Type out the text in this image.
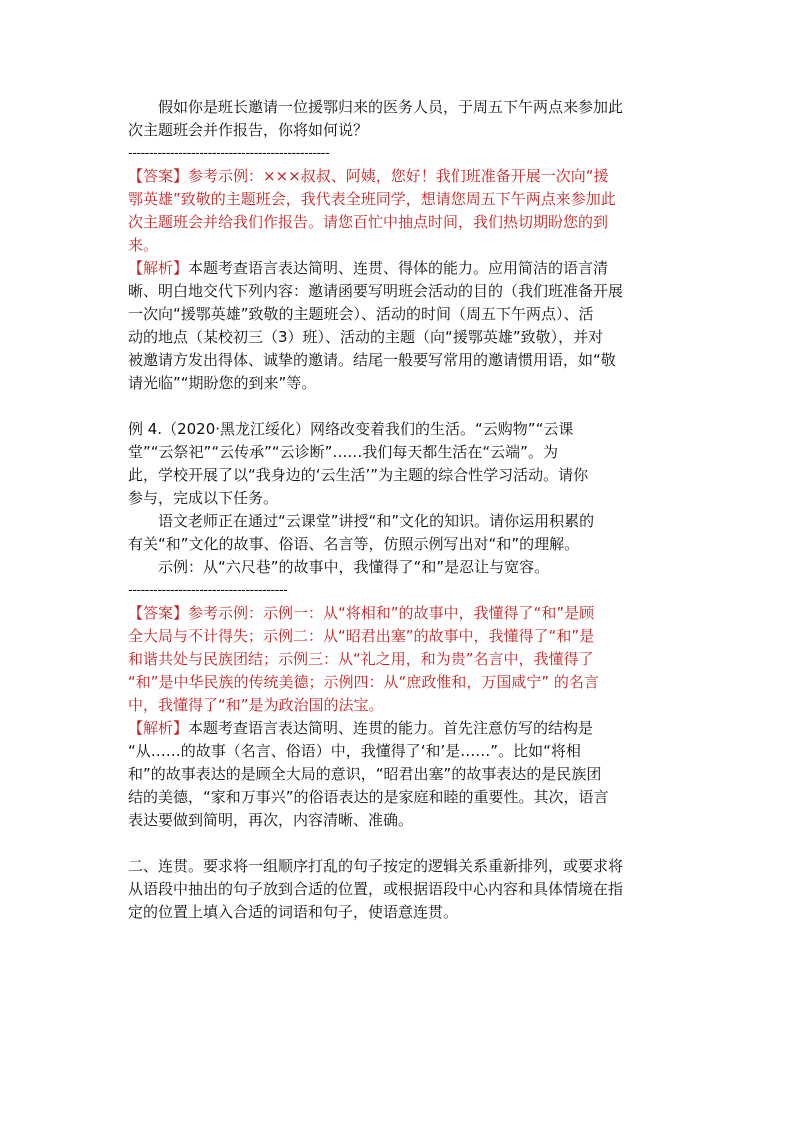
假如你是班长邀请一位援鄂归来的医务人员，于周五下午两点来参加此
次主题班会并作报告，你将如何说？
------------------------------------------------
【答案】参考示例：×××叔叔、阿姨，您好！我们班准备开展一次向“援
鄂英雄”致敬的主题班会，我代表全班同学，想请您周五下午两点来参加此
次主题班会并给我们作报告。请您百忙中抽点时间，我们热切期盼您的到
来。
【解析】本题考查语言表达简明、连贯、得体的能力。应用简洁的语言清
晰、明白地交代下列内容：邀请函要写明班会活动的目的（我们班准备开展
一次向“援鄂英雄”致敬的主题班会）、活动的时间（周五下午两点）、活
动的地点（某校初三（3）班）、活动的主题（向“援鄂英雄”致敬），并对
被邀请方发出得体、诚挚的邀请。结尾一般要写常用的邀请惯用语，如“敬
请光临”“期盼您的到来”等。
例 4.（2020·黑龙江绥化）网络改变着我们的生活。“云购物”“云课
堂”“云祭祀”“云传承”“云诊断”……我们每天都生活在“云端”。为
此，学校开展了以“我身边的‘云生活’”为主题的综合性学习活动。请你
参与，完成以下任务。
语文老师正在通过“云课堂”讲授“和”文化的知识。请你运用积累的
有关“和”文化的故事、俗语、名言等，仿照示例写出对“和”的理解。
示例：从“六尺巷”的故事中，我懂得了“和”是忍让与宽容。
--------------------------------------
【答案】参考示例：示例一：从“将相和”的故事中，我懂得了“和”是顾
全大局与不计得失；示例二：从“昭君出塞”的故事中，我懂得了“和”是
和谐共处与民族团结；示例三：从“礼之用，和为贵”名言中，我懂得了
“和”是中华民族的传统美德；示例四：从“庶政惟和，万国咸宁” 的名言
中，我懂得了“和”是为政治国的法宝。
【解析】本题考查语言表达简明、连贯的能力。首先注意仿写的结构是
“从……的故事（名言、俗语）中，我懂得了‘和’是……”。比如“将相
和”的故事表达的是顾全大局的意识，“昭君出塞”的故事表达的是民族团
结的美德，“家和万事兴”的俗语表达的是家庭和睦的重要性。其次，语言
表达要做到简明，再次，内容清晰、准确。
二、连贯。要求将一组顺序打乱的句子按定的逻辑关系重新排列，或要求将
从语段中抽出的句子放到合适的位置，或根据语段中心内容和具体情境在指
定的位置上填入合适的词语和句子，使语意连贯。
